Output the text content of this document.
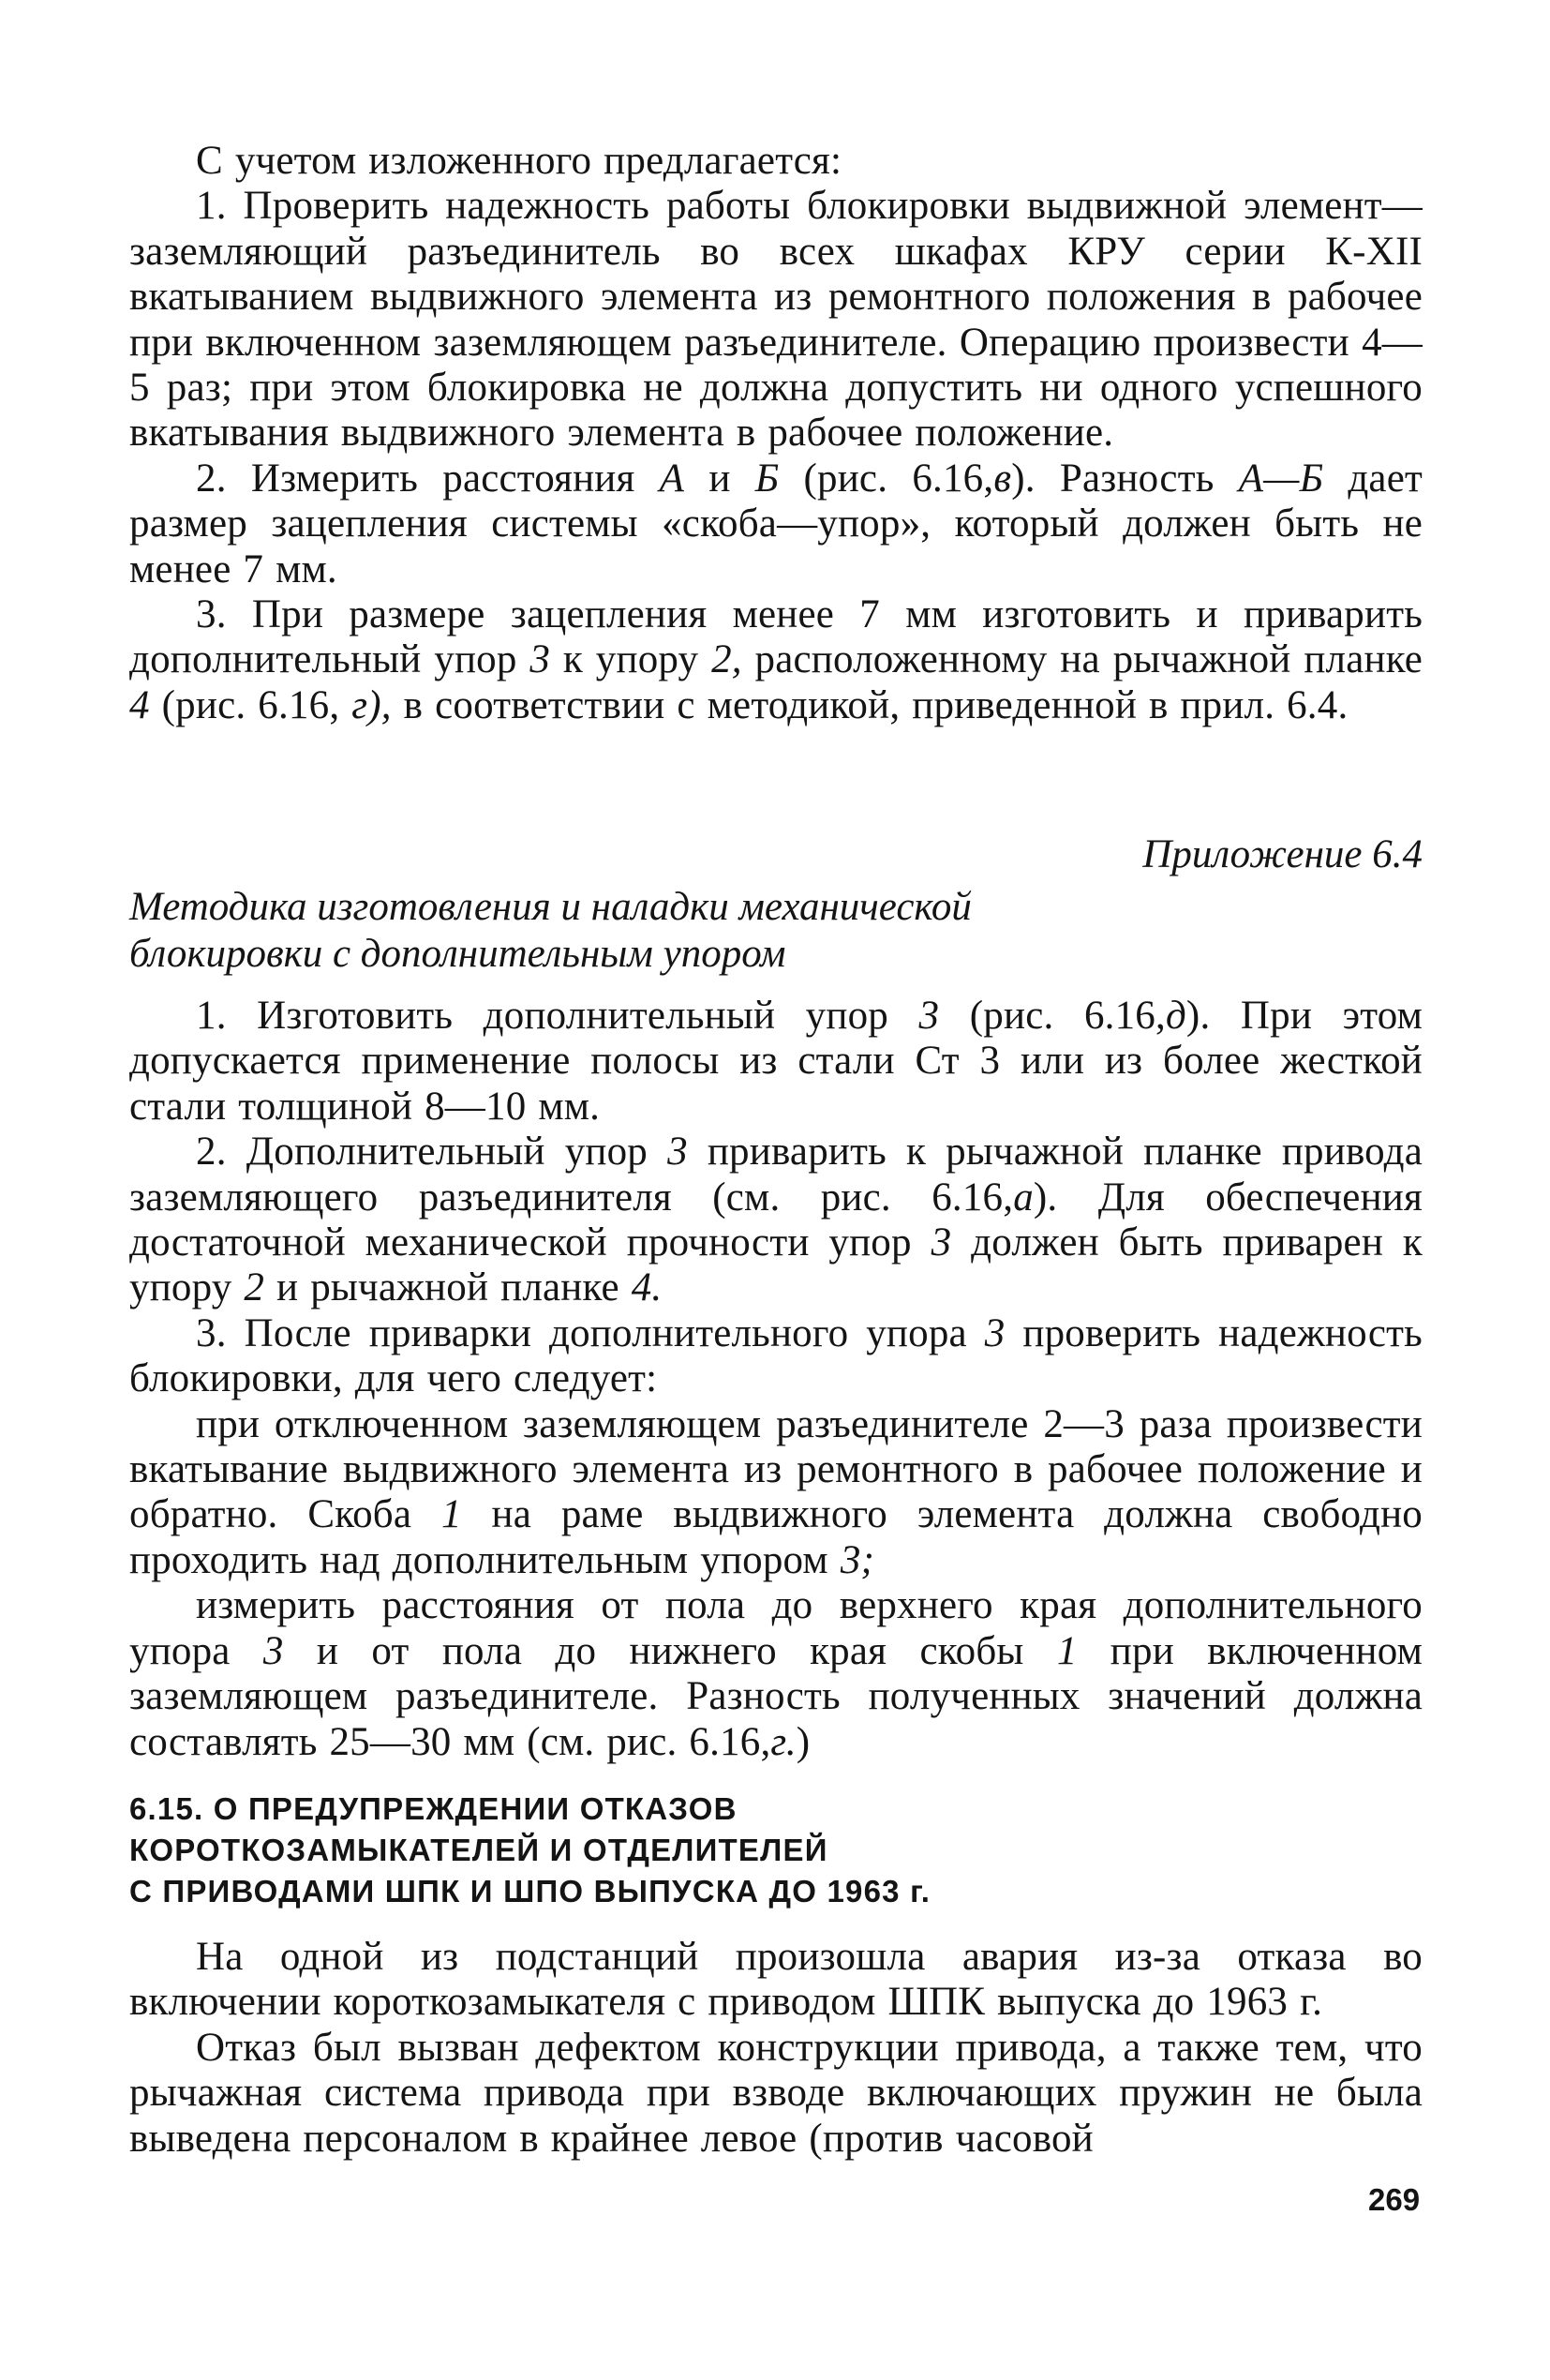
С учетом изложенного предлагается:

1. Проверить надежность работы блокировки выдвижной элемент—заземляющий разъединитель во всех шкафах КРУ серии К-XII вкатыванием выдвижного элемента из ремонтного положения в рабочее при включенном заземляющем разъединителе. Операцию произвести 4—5 раз; при этом блокировка не должна допустить ни одного успешного вкатывания выдвижного элемента в рабочее положение.

2. Измерить расстояния А и Б (рис. 6.16,в). Разность А—Б дает размер зацепления системы «скоба—упор», который должен быть не менее 7 мм.

3. При размере зацепления менее 7 мм изготовить и приварить дополнительный упор 3 к упору 2, расположенному на рычажной планке 4 (рис. 6.16, г), в соответствии с методикой, приведенной в прил. 6.4.

Приложение 6.4

Методика изготовления и наладки механической

блокировки с дополнительным упором

1. Изготовить дополнительный упор 3 (рис. 6.16,д). При этом допускается применение полосы из стали Ст 3 или из более жесткой стали толщиной 8—10 мм.

2. Дополнительный упор 3 приварить к рычажной планке привода заземляющего разъединителя (см. рис. 6.16,а). Для обеспечения достаточной механической прочности упор 3 должен быть приварен к упору 2 и рычажной планке 4.

3. После приварки дополнительного упора 3 проверить надежность блокировки, для чего следует:

при отключенном заземляющем разъединителе 2—3 раза произвести вкатывание выдвижного элемента из ремонтного в рабочее положение и обратно. Скоба 1 на раме выдвижного элемента должна свободно проходить над дополнительным упором 3;

измерить расстояния от пола до верхнего края дополнительного упора 3 и от пола до нижнего края скобы 1 при включенном заземляющем разъединителе. Разность полученных значений должна составлять 25—30 мм (см. рис. 6.16,г.)

6.15. О ПРЕДУПРЕЖДЕНИИ ОТКАЗОВ

КОРОТКОЗАМЫКАТЕЛЕЙ И ОТДЕЛИТЕЛЕЙ

С ПРИВОДАМИ ШПК И ШПО ВЫПУСКА ДО 1963 г.

На одной из подстанций произошла авария из-за отказа во включении короткозамыкателя с приводом ШПК выпуска до 1963 г.

Отказ был вызван дефектом конструкции привода, а также тем, что рычажная система привода при взводе включающих пружин не была выведена персоналом в крайнее левое (против часовой

269
